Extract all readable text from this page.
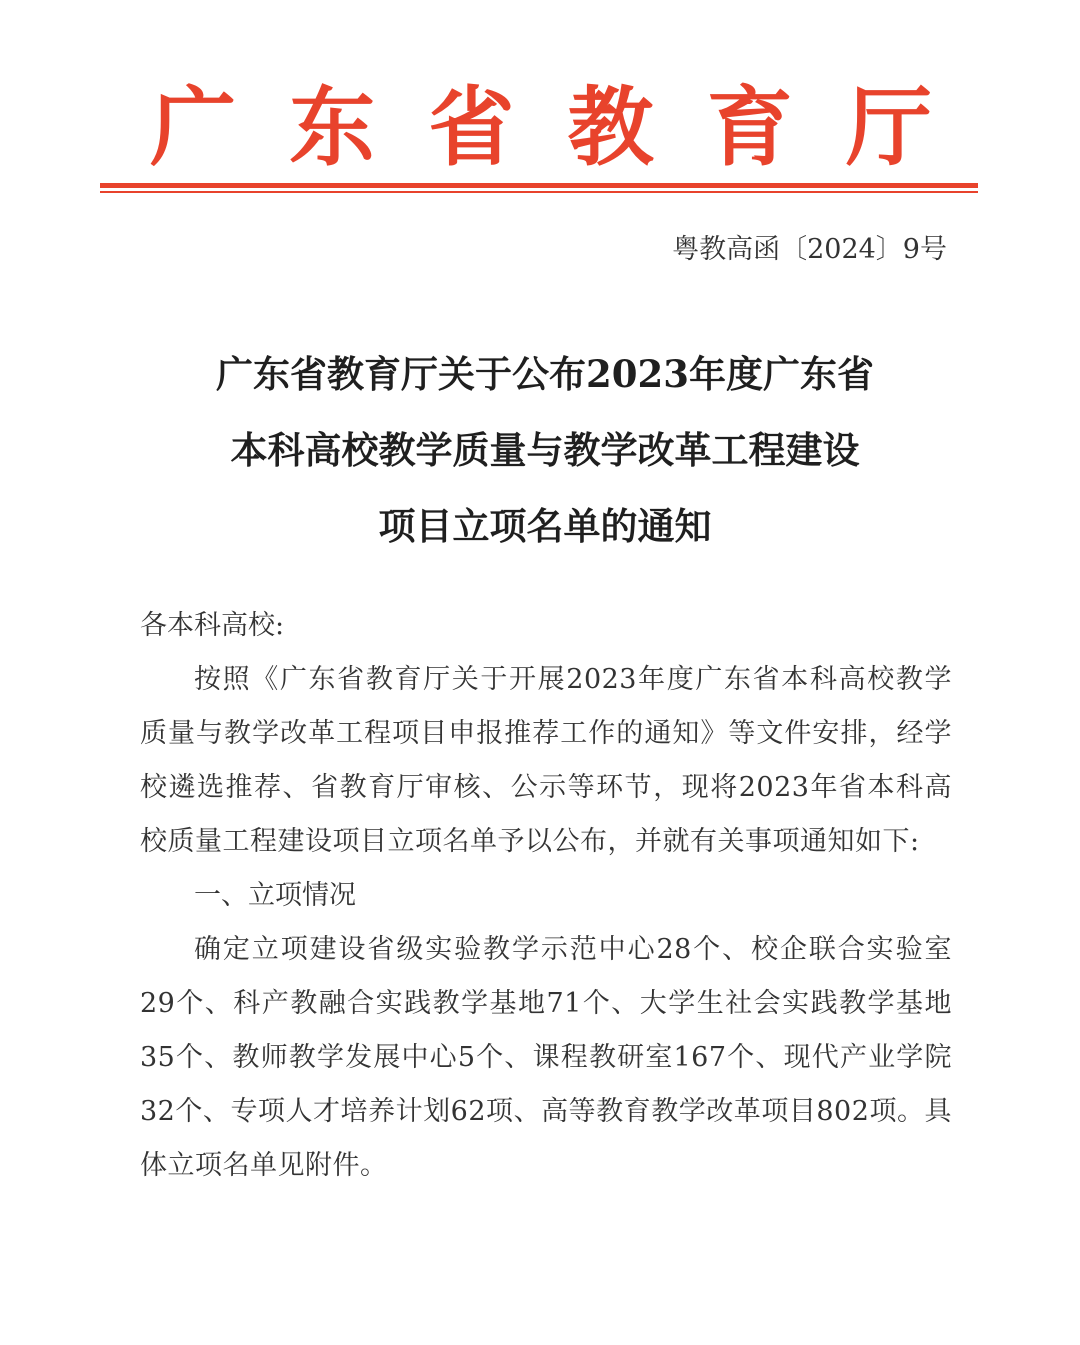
广 东 省 教 育 厅
粤教高函〔2024〕9号
广东省教育厅关于公布2023年度广东省
本科高校教学质量与教学改革工程建设
项目立项名单的通知

各本科高校:

按照《广东省教育厅关于开展2023年度广东省本科高校教学质量与教学改革工程项目申报推荐工作的通知》等文件安排，经学校遴选推荐、省教育厅审核、公示等环节，现将2023年省本科高校质量工程建设项目立项名单予以公布，并就有关事项通知如下:

一、立项情况

确定立项建设省级实验教学示范中心28个、校企联合实验室29个、科产教融合实践教学基地71个、大学生社会实践教学基地35个、教师教学发展中心5个、课程教研室167个、现代产业学院32个、专项人才培养计划62项、高等教育教学改革项目802项。具体立项名单见附件。
